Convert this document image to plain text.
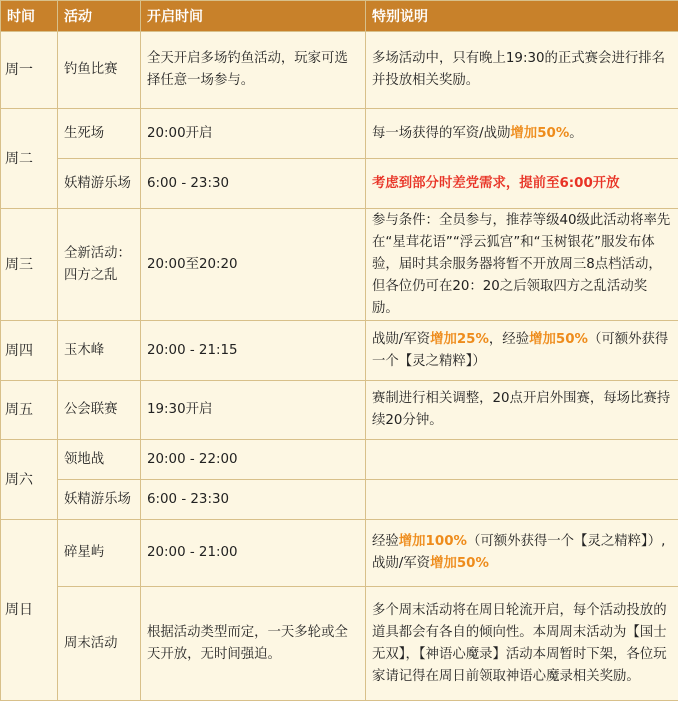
时间	活动	开启时间	特别说明
周一	钓鱼比赛	全天开启多场钓鱼活动，玩家可选择任意一场参与。	多场活动中，只有晚上19:30的正式赛会进行排名并投放相关奖励。
周二	生死场	20:00开启	每一场获得的军资/战勋增加50%。
	妖精游乐场	6:00 - 23:30	考虑到部分时差党需求，提前至6:00开放
周三	全新活动：四方之乱	20:00至20:20	参与条件：全员参与，推荐等级40级此活动将率先在“星茸花语”“浮云狐宫”和“玉树银花”服发布体验，届时其余服务器将暂不开放周三8点档活动，但各位仍可在20：20之后领取四方之乱活动奖励。
周四	玉木峰	20:00 - 21:15	战勋/军资增加25%，经验增加50%（可额外获得一个【灵之精粹】）
周五	公会联赛	19:30开启	赛制进行相关调整，20点开启外围赛，每场比赛持续20分钟。
周六	领地战	20:00 - 22:00	
	妖精游乐场	6:00 - 23:30	
周日	碎星屿	20:00 - 21:00	经验增加100%（可额外获得一个【灵之精粹】）,战勋/军资增加50%
	周末活动	根据活动类型而定，一天多轮或全天开放，无时间强迫。	多个周末活动将在周日轮流开启，每个活动投放的道具都会有各自的倾向性。本周周末活动为【国士无双】，【神语心魔录】活动本周暂时下架，各位玩家请记得在周日前领取神语心魔录相关奖励。
